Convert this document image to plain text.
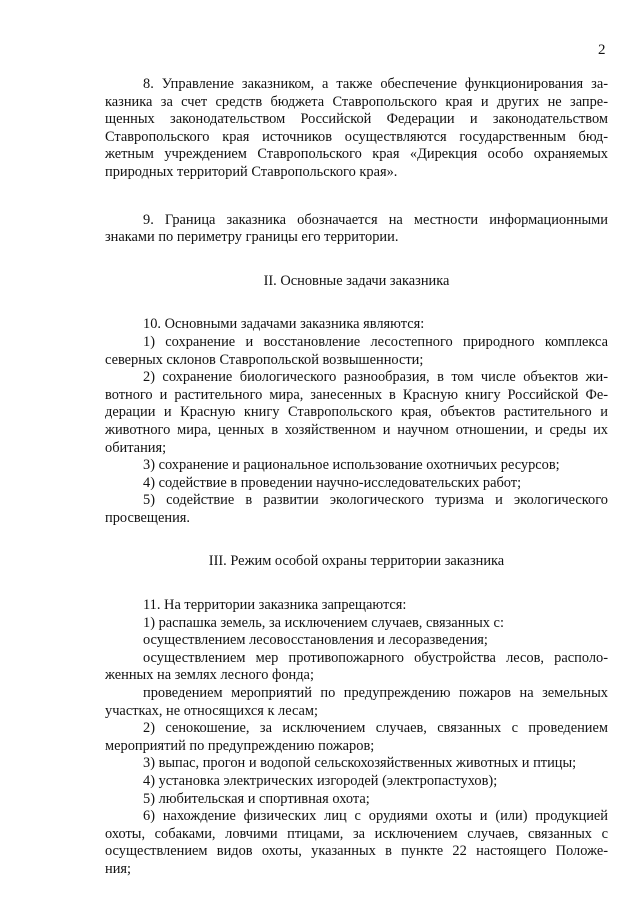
2

8. Управление заказником, а также обеспечение функционирования за-

казника за счет средств бюджета Ставропольского края и других не запре-

щенных законодательством Российской Федерации и законодательством

Ставропольского края источников осуществляются государственным бюд-

жетным учреждением Ставропольского края «Дирекция особо охраняемых

природных территорий Ставропольского края».

9. Граница заказника обозначается на местности информационными

знаками по периметру границы его территории.

II. Основные задачи заказника

10. Основными задачами заказника являются:

1) сохранение и восстановление лесостепного природного комплекса

северных склонов Ставропольской возвышенности;

2) сохранение биологического разнообразия, в том числе объектов жи-

вотного и растительного мира, занесенных в Красную книгу Российской Фе-

дерации и Красную книгу Ставропольского края, объектов растительного и

животного мира, ценных в хозяйственном и научном отношении, и среды их

обитания;

3) сохранение и рациональное использование охотничьих ресурсов;

4) содействие в проведении научно-исследовательских работ;

5) содействие в развитии экологического туризма и экологического

просвещения.

III. Режим особой охраны территории заказника

11. На территории заказника запрещаются:

1) распашка земель, за исключением случаев, связанных с:

осуществлением лесовосстановления и лесоразведения;

осуществлением мер противопожарного обустройства лесов, располо-

женных на землях лесного фонда;

проведением мероприятий по предупреждению пожаров на земельных

участках, не относящихся к лесам;

2) сенокошение, за исключением случаев, связанных с проведением

мероприятий по предупреждению пожаров;

3) выпас, прогон и водопой сельскохозяйственных животных и птицы;

4) установка электрических изгородей (электропастухов);

5) любительская и спортивная охота;

6) нахождение физических лиц с орудиями охоты и (или) продукцией

охоты, собаками, ловчими птицами, за исключением случаев, связанных с

осуществлением видов охоты, указанных в пункте 22 настоящего Положе-

ния;
